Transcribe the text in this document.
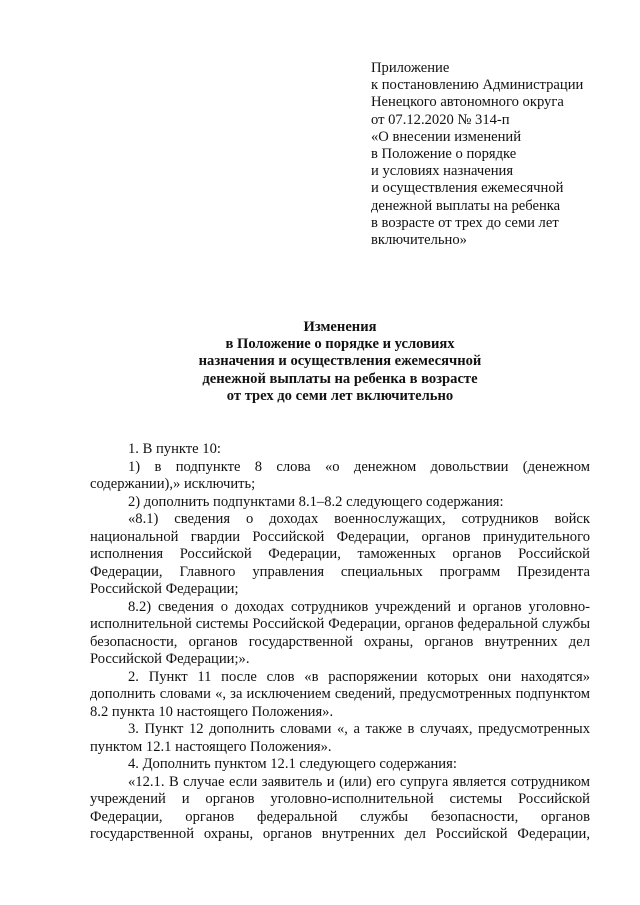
Приложение
к постановлению Администрации
Ненецкого автономного округа
от 07.12.2020 № 314-п
«О внесении изменений
в Положение о порядке
и условиях назначения
и осуществления ежемесячной
денежной выплаты на ребенка
в возрасте от трех до семи лет
включительно»
Изменения
в Положение о порядке и условиях
назначения и осуществления ежемесячной
денежной выплаты на ребенка в возрасте
от трех до семи лет включительно

1. В пункте 10:

1) в подпункте 8 слова «о денежном довольствии (денежном содержании),» исключить;

2) дополнить подпунктами 8.1–8.2 следующего содержания:

«8.1) сведения о доходах военнослужащих, сотрудников войск национальной гвардии Российской Федерации, органов принудительного исполнения Российской Федерации, таможенных органов Российской Федерации, Главного управления специальных программ Президента Российской Федерации;

8.2) сведения о доходах сотрудников учреждений и органов уголовно-исполнительной системы Российской Федерации, органов федеральной службы безопасности, органов государственной охраны, органов внутренних дел Российской Федерации;».

2. Пункт 11 после слов «в распоряжении которых они находятся» дополнить словами «, за исключением сведений, предусмотренных подпунктом 8.2 пункта 10 настоящего Положения».

3. Пункт 12 дополнить словами «, а также в случаях, предусмотренных пунктом 12.1 настоящего Положения».

4. Дополнить пунктом 12.1 следующего содержания:

«12.1. В случае если заявитель и (или) его супруга является сотрудником учреждений и органов уголовно-исполнительной системы Российской Федерации, органов федеральной службы безопасности, органов государственной охраны, органов внутренних дел Российской Федерации,
